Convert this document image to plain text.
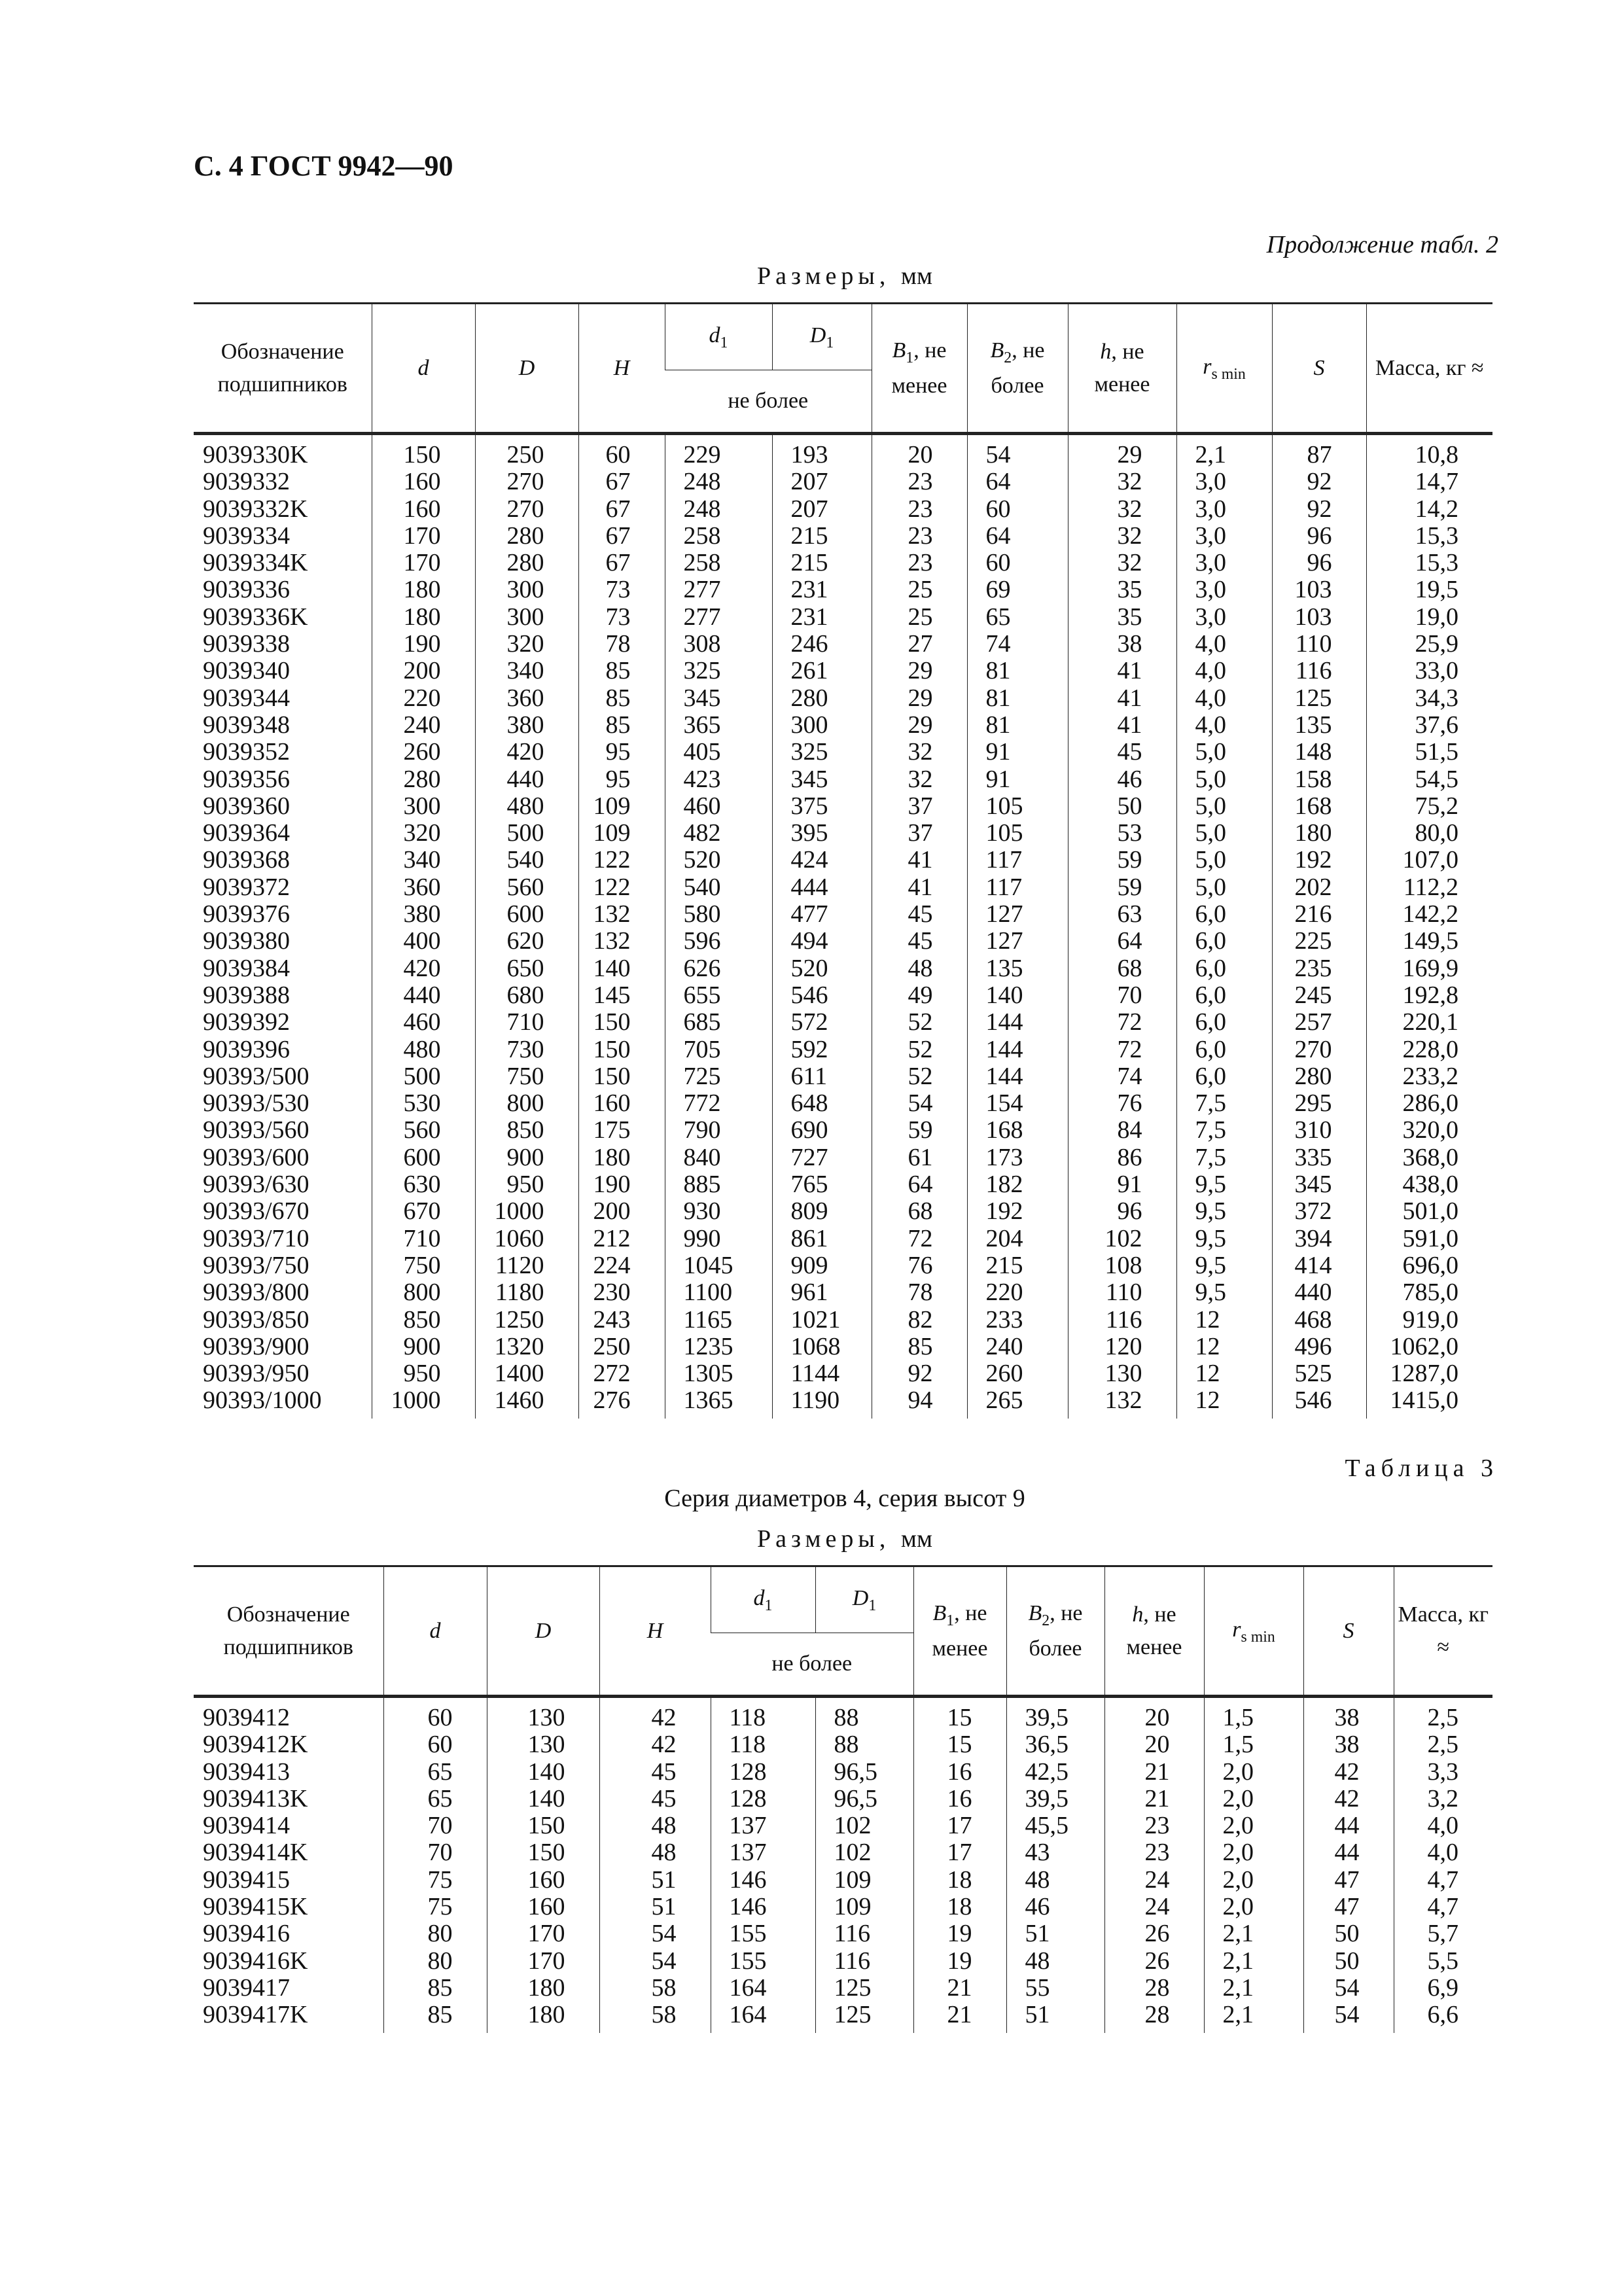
С. 4 ГОСТ 9942—90
Продолжение табл. 2
Размеры, мм
Обозначение подшипников	d	D	H	$d_1$	$D_1$	$B_1$, не менее	$B_2$, не более	h, не менее	$r_{s min}$	S	Масса, кг ≈
				не более							
9039330K	150	250	60	229	193	20	54	29	2,1	87	10,8
9039332	160	270	67	248	207	23	64	32	3,0	92	14,7
9039332K	160	270	67	248	207	23	60	32	3,0	92	14,2
9039334	170	280	67	258	215	23	64	32	3,0	96	15,3
9039334K	170	280	67	258	215	23	60	32	3,0	96	15,3
9039336	180	300	73	277	231	25	69	35	3,0	103	19,5
9039336K	180	300	73	277	231	25	65	35	3,0	103	19,0
9039338	190	320	78	308	246	27	74	38	4,0	110	25,9
9039340	200	340	85	325	261	29	81	41	4,0	116	33,0
9039344	220	360	85	345	280	29	81	41	4,0	125	34,3
9039348	240	380	85	365	300	29	81	41	4,0	135	37,6
9039352	260	420	95	405	325	32	91	45	5,0	148	51,5
9039356	280	440	95	423	345	32	91	46	5,0	158	54,5
9039360	300	480	109	460	375	37	105	50	5,0	168	75,2
9039364	320	500	109	482	395	37	105	53	5,0	180	80,0
9039368	340	540	122	520	424	41	117	59	5,0	192	107,0
9039372	360	560	122	540	444	41	117	59	5,0	202	112,2
9039376	380	600	132	580	477	45	127	63	6,0	216	142,2
9039380	400	620	132	596	494	45	127	64	6,0	225	149,5
9039384	420	650	140	626	520	48	135	68	6,0	235	169,9
9039388	440	680	145	655	546	49	140	70	6,0	245	192,8
9039392	460	710	150	685	572	52	144	72	6,0	257	220,1
9039396	480	730	150	705	592	52	144	72	6,0	270	228,0
90393/500	500	750	150	725	611	52	144	74	6,0	280	233,2
90393/530	530	800	160	772	648	54	154	76	7,5	295	286,0
90393/560	560	850	175	790	690	59	168	84	7,5	310	320,0
90393/600	600	900	180	840	727	61	173	86	7,5	335	368,0
90393/630	630	950	190	885	765	64	182	91	9,5	345	438,0
90393/670	670	1000	200	930	809	68	192	96	9,5	372	501,0
90393/710	710	1060	212	990	861	72	204	102	9,5	394	591,0
90393/750	750	1120	224	1045	909	76	215	108	9,5	414	696,0
90393/800	800	1180	230	1100	961	78	220	110	9,5	440	785,0
90393/850	850	1250	243	1165	1021	82	233	116	12	468	919,0
90393/900	900	1320	250	1235	1068	85	240	120	12	496	1062,0
90393/950	950	1400	272	1305	1144	92	260	130	12	525	1287,0
90393/1000	1000	1460	276	1365	1190	94	265	132	12	546	1415,0
Таблица 3
Серия диаметров 4, серия высот 9
Размеры, мм
Обозначение подшипников	d	D	H	$d_1$	$D_1$	$B_1$, не менее	$B_2$, не более	h, не менее	$r_{s min}$	S	Масса, кг ≈
				не более							
9039412	60	130	42	118	88	15	39,5	20	1,5	38	2,5
9039412K	60	130	42	118	88	15	36,5	20	1,5	38	2,5
9039413	65	140	45	128	96,5	16	42,5	21	2,0	42	3,3
9039413K	65	140	45	128	96,5	16	39,5	21	2,0	42	3,2
9039414	70	150	48	137	102	17	45,5	23	2,0	44	4,0
9039414K	70	150	48	137	102	17	43	23	2,0	44	4,0
9039415	75	160	51	146	109	18	48	24	2,0	47	4,7
9039415K	75	160	51	146	109	18	46	24	2,0	47	4,7
9039416	80	170	54	155	116	19	51	26	2,1	50	5,7
9039416K	80	170	54	155	116	19	48	26	2,1	50	5,5
9039417	85	180	58	164	125	21	55	28	2,1	54	6,9
9039417K	85	180	58	164	125	21	51	28	2,1	54	6,6
